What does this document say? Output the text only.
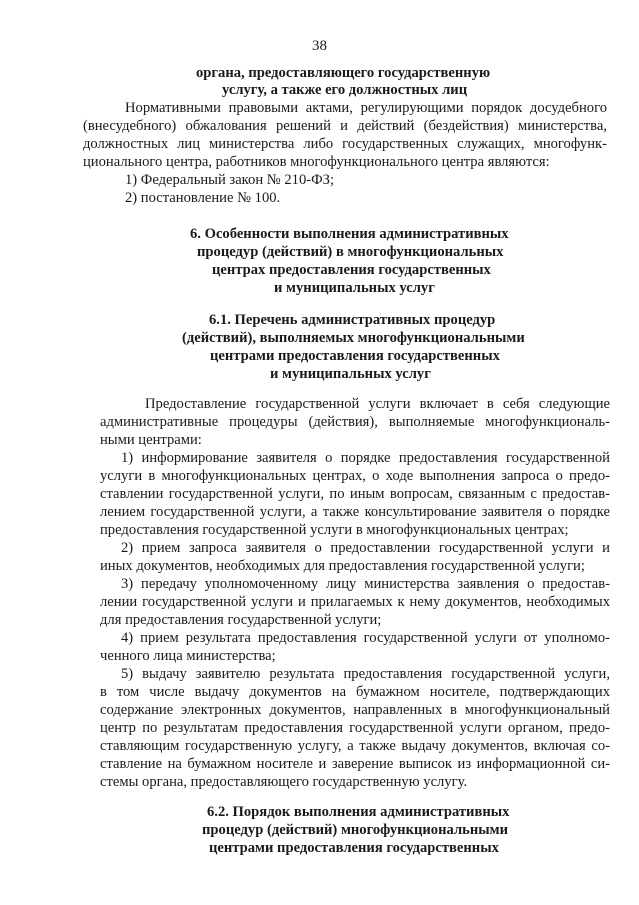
38
органа, предоставляющего государственную
услугу, а также его должностных лиц
Нормативными правовыми актами, регулирующими порядок досудебного
(внесудебного) обжалования решений и действий (бездействия) министерства,
должностных лиц министерства либо государственных служащих, многофунк-
ционального центра, работников многофункционального центра являются:
1) Федеральный закон № 210-ФЗ;
2) постановление № 100.
6. Особенности выполнения административных
процедур (действий) в многофункциональных
центрах предоставления государственных
и муниципальных услуг
6.1. Перечень административных процедур
(действий), выполняемых многофункциональными
центрами предоставления государственных
и муниципальных услуг
Предоставление государственной услуги включает в себя следующие
административные процедуры (действия), выполняемые многофункциональ-
ными центрами:
1) информирование заявителя о порядке предоставления государственной
услуги в многофункциональных центрах, о ходе выполнения запроса о предо-
ставлении государственной услуги, по иным вопросам, связанным с предостав-
лением государственной услуги, а также консультирование заявителя о порядке
предоставления государственной услуги в многофункциональных центрах;
2) прием запроса заявителя о предоставлении государственной услуги и
иных документов, необходимых для предоставления государственной услуги;
3) передачу уполномоченному лицу министерства заявления о предостав-
лении государственной услуги и прилагаемых к нему документов, необходимых
для предоставления государственной услуги;
4) прием результата предоставления государственной услуги от уполномо-
ченного лица министерства;
5) выдачу заявителю результата предоставления государственной услуги,
в том числе выдачу документов на бумажном носителе, подтверждающих
содержание электронных документов, направленных в многофункциональный
центр по результатам предоставления государственной услуги органом, предо-
ставляющим государственную услугу, а также выдачу документов, включая со-
ставление на бумажном носителе и заверение выписок из информационной си-
стемы органа, предоставляющего государственную услугу.
6.2. Порядок выполнения административных
процедур (действий) многофункциональными
центрами предоставления государственных
